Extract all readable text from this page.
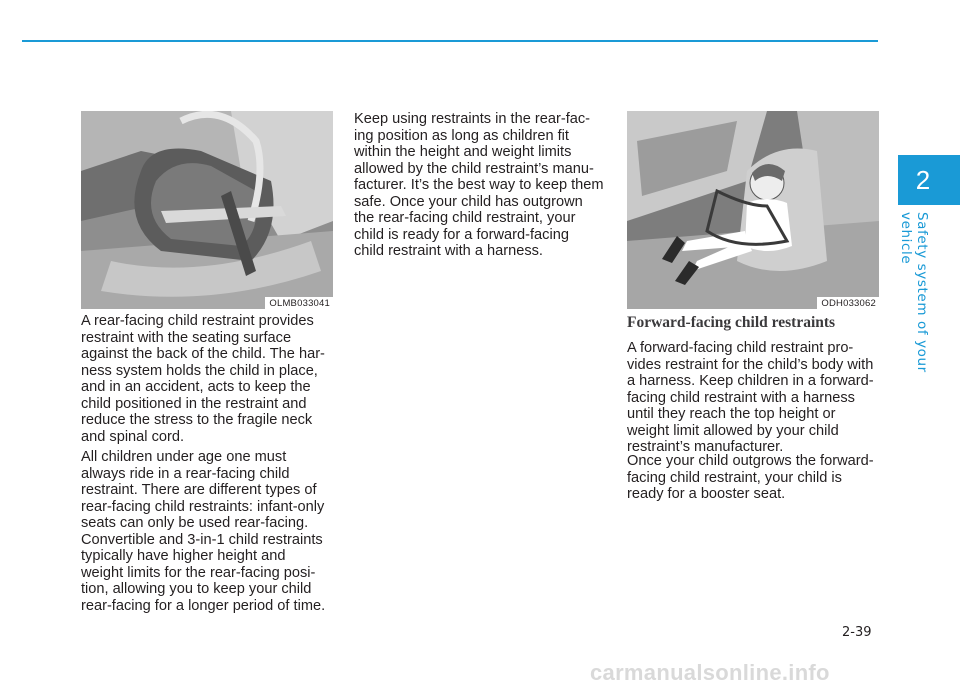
OLMB033041	ODH033062
A rear-facing child restraint provides
restraint with the seating surface
against the back of the child. The har-
ness system holds the child in place,
and in an accident, acts to keep the
child positioned in the restraint and
reduce the stress to the fragile neck
and spinal cord.
All children under age one must
always ride in a rear-facing child
restraint. There are different types of
rear-facing child restraints: infant-only
seats can only be used rear-facing.
Convertible and 3-in-1 child restraints
typically have higher height and
weight limits for the rear-facing posi-
tion, allowing you to keep your child
rear-facing for a longer period of time.
Keep using restraints in the rear-fac-
ing position as long as children fit
within the height and weight limits
allowed by the child restraint’s manu-
facturer. It’s the best way to keep them
safe. Once your child has outgrown
the rear-facing child restraint, your
child is ready for a forward-facing
child restraint with a harness.
Forward-facing child restraints
A forward-facing child restraint pro-
vides restraint for the child’s body with
a harness. Keep children in a forward-
facing child restraint with a harness
until they reach the top height or
weight limit allowed by your child
restraint’s manufacturer.
Once your child outgrows the forward-
facing child restraint, your child is
ready for a booster seat.
2
Safety system of your vehicle
2-39
carmanualsonline.info
